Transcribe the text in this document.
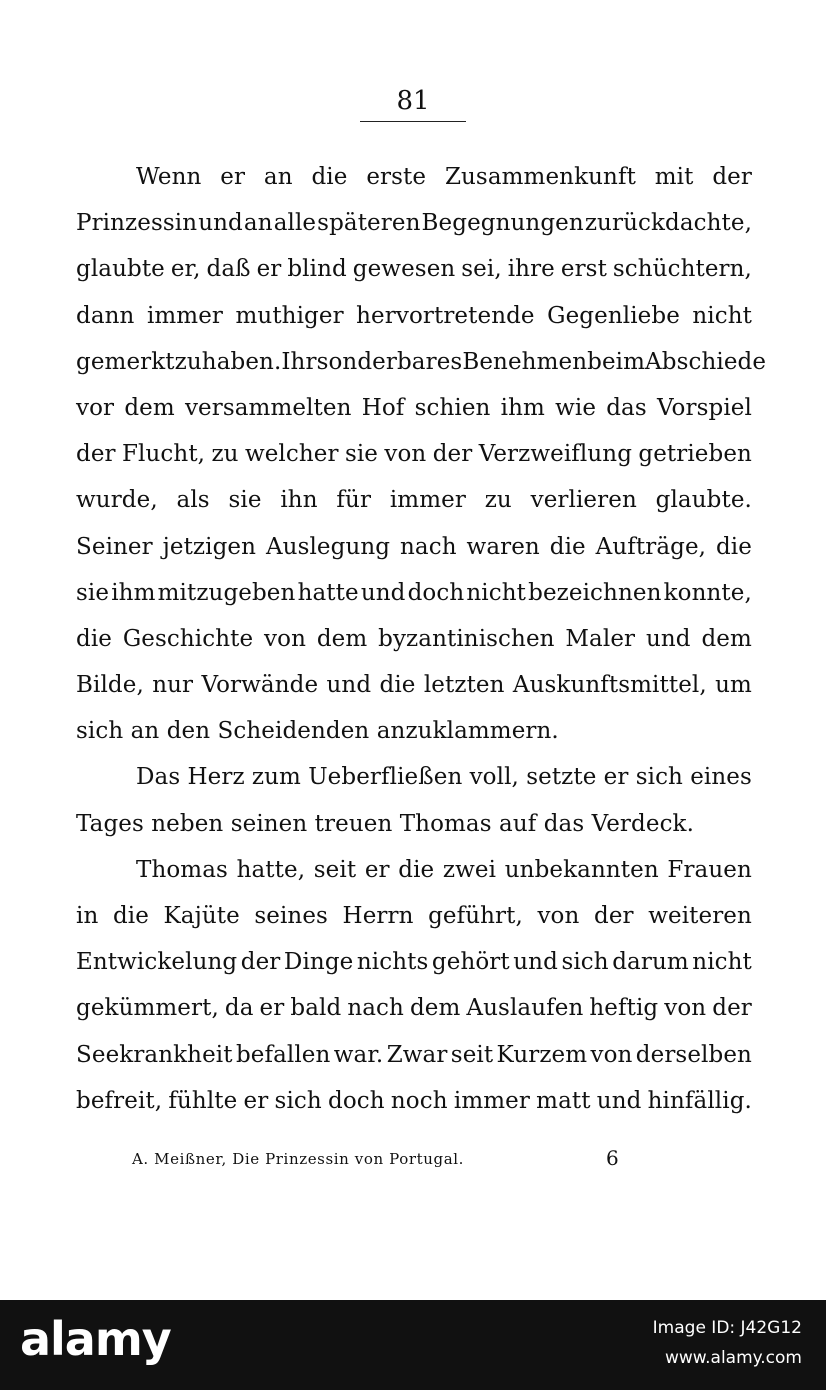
81
Wenn er an die erste Zusammenkunft mit der
Prinzessin und an alle späteren Begegnungen zurückdachte,
glaubte er, daß er blind gewesen sei, ihre erst schüchtern,
dann immer muthiger hervortretende Gegenliebe nicht
gemerkt zu haben. Ihr sonderbares Benehmen beim Abschiede
vor dem versammelten Hof schien ihm wie das Vorspiel
der Flucht, zu welcher sie von der Verzweiflung getrieben
wurde, als sie ihn für immer zu verlieren glaubte.
Seiner jetzigen Auslegung nach waren die Aufträge, die
sie ihm mitzugeben hatte und doch nicht bezeichnen konnte,
die Geschichte von dem byzantinischen Maler und dem
Bilde, nur Vorwände und die letzten Auskunftsmittel, um
sich an den Scheidenden anzuklammern.
Das Herz zum Ueberfließen voll, setzte er sich eines
Tages neben seinen treuen Thomas auf das Verdeck.
Thomas hatte, seit er die zwei unbekannten Frauen
in die Kajüte seines Herrn geführt, von der weiteren
Entwickelung der Dinge nichts gehört und sich darum nicht
gekümmert, da er bald nach dem Auslaufen heftig von der
Seekrankheit befallen war. Zwar seit Kurzem von derselben
befreit, fühlte er sich doch noch immer matt und hinfällig.
A. Meißner, Die Prinzessin von Portugal.	6
alamy	Image ID: J42G12
www.alamy.com
